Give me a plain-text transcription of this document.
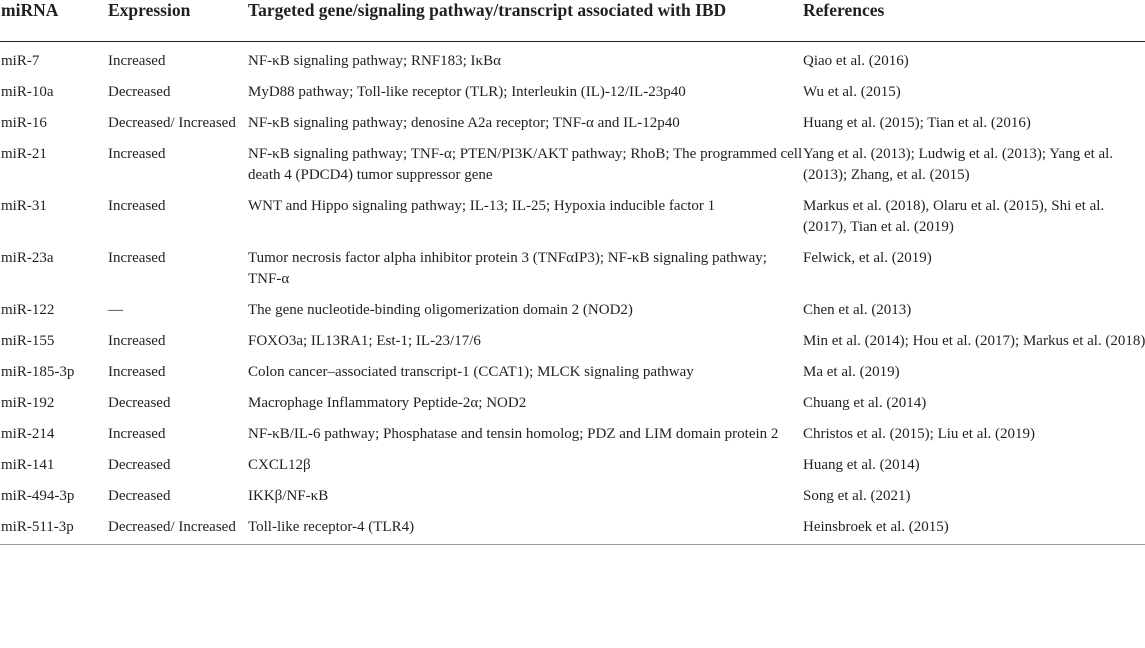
miRNA	Expression	Targeted gene/signaling pathway/transcript associated with IBD	References
miR-7	Increased	NF-κB signaling pathway; RNF183; IκBα	Qiao et al. (2016)
miR-10a	Decreased	MyD88 pathway; Toll-like receptor (TLR); Interleukin (IL)-12/IL-23p40	Wu et al. (2015)
miR-16	Decreased/ Increased	NF-κB signaling pathway; denosine A2a receptor; TNF-α and IL-12p40	Huang et al. (2015); Tian et al. (2016)
miR-21	Increased	NF-κB signaling pathway; TNF-α; PTEN/PI3K/AKT pathway; RhoB; The programmed cell death 4 (PDCD4) tumor suppressor gene	Yang et al. (2013); Ludwig et al. (2013); Yang et al. (2013); Zhang, et al. (2015)
miR-31	Increased	WNT and Hippo signaling pathway; IL-13; IL-25; Hypoxia inducible factor 1	Markus et al. (2018), Olaru et al. (2015), Shi et al. (2017), Tian et al. (2019)
miR-23a	Increased	Tumor necrosis factor alpha inhibitor protein 3 (TNFαIP3); NF-κB signaling pathway; TNF-α	Felwick, et al. (2019)
miR-122	—	The gene nucleotide-binding oligomerization domain 2 (NOD2)	Chen et al. (2013)
miR-155	Increased	FOXO3a; IL13RA1; Est-1; IL-23/17/6	Min et al. (2014); Hou et al. (2017); Markus et al. (2018)
miR-185-3p	Increased	Colon cancer–associated transcript-1 (CCAT1); MLCK signaling pathway	Ma et al. (2019)
miR-192	Decreased	Macrophage Inflammatory Peptide-2α; NOD2	Chuang et al. (2014)
miR-214	Increased	NF-κB/IL-6 pathway; Phosphatase and tensin homolog; PDZ and LIM domain protein 2	Christos et al. (2015); Liu et al. (2019)
miR-141	Decreased	CXCL12β	Huang et al. (2014)
miR-494-3p	Decreased	IKKβ/NF-κB	Song et al. (2021)
miR-511-3p	Decreased/ Increased	Toll-like receptor-4 (TLR4)	Heinsbroek et al. (2015)
